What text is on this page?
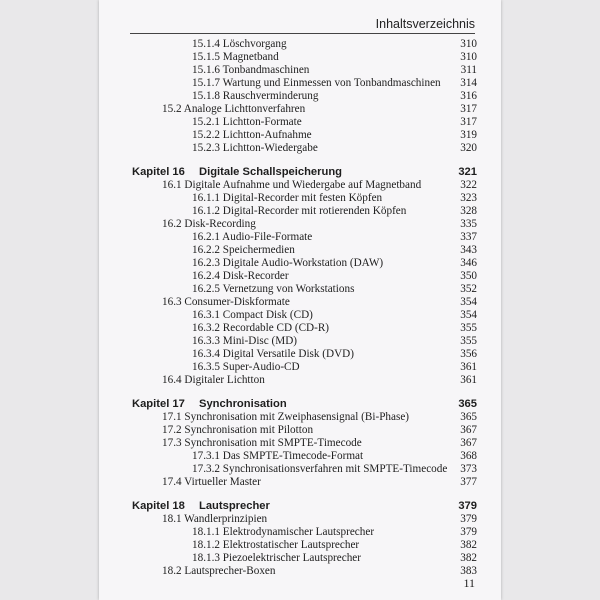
Inhaltsverzeichnis
15.1.4 Löschvorgang	310
15.1.5 Magnetband	310
15.1.6 Tonbandmaschinen	311
15.1.7 Wartung und Einmessen von Tonbandmaschinen 314
15.1.8 Rauschverminderung	316
15.2 Analoge Lichttonverfahren	317
15.2.1 Lichtton-Formate	317
15.2.2 Lichtton-Aufnahme	319
15.2.3 Lichtton-Wiedergabe	320
Kapitel 16 Digitale Schallspeicherung	321
16.1 Digitale Aufnahme und Wiedergabe auf Magnetband	322
16.1.1 Digital-Recorder mit festen Köpfen	323
16.1.2 Digital-Recorder mit rotierenden Köpfen	328
16.2 Disk-Recording	335
16.2.1 Audio-File-Formate	337
16.2.2 Speichermedien	343
16.2.3 Digitale Audio-Workstation (DAW)	346
16.2.4 Disk-Recorder	350
16.2.5 Vernetzung von Workstations	352
16.3 Consumer-Diskformate	354
16.3.1 Compact Disk (CD)	354
16.3.2 Recordable CD (CD-R)	355
16.3.3 Mini-Disc (MD)	355
16.3.4 Digital Versatile Disk (DVD)	356
16.3.5 Super-Audio-CD	361
16.4 Digitaler Lichtton	361
Kapitel 17 Synchronisation	365
17.1 Synchronisation mit Zweiphasensignal (Bi-Phase)	365
17.2 Synchronisation mit Pilotton	367
17.3 Synchronisation mit SMPTE-Timecode	367
17.3.1 Das SMPTE-Timecode-Format	368
17.3.2 Synchronisationsverfahren mit SMPTE-Timecode 373
17.4 Virtueller Master	377
Kapitel 18 Lautsprecher	379
18.1 Wandlerprinzipien	379
18.1.1 Elektrodynamischer Lautsprecher	379
18.1.2 Elektrostatischer Lautsprecher	382
18.1.3 Piezoelektrischer Lautsprecher	382
18.2 Lautsprecher-Boxen	383
11
